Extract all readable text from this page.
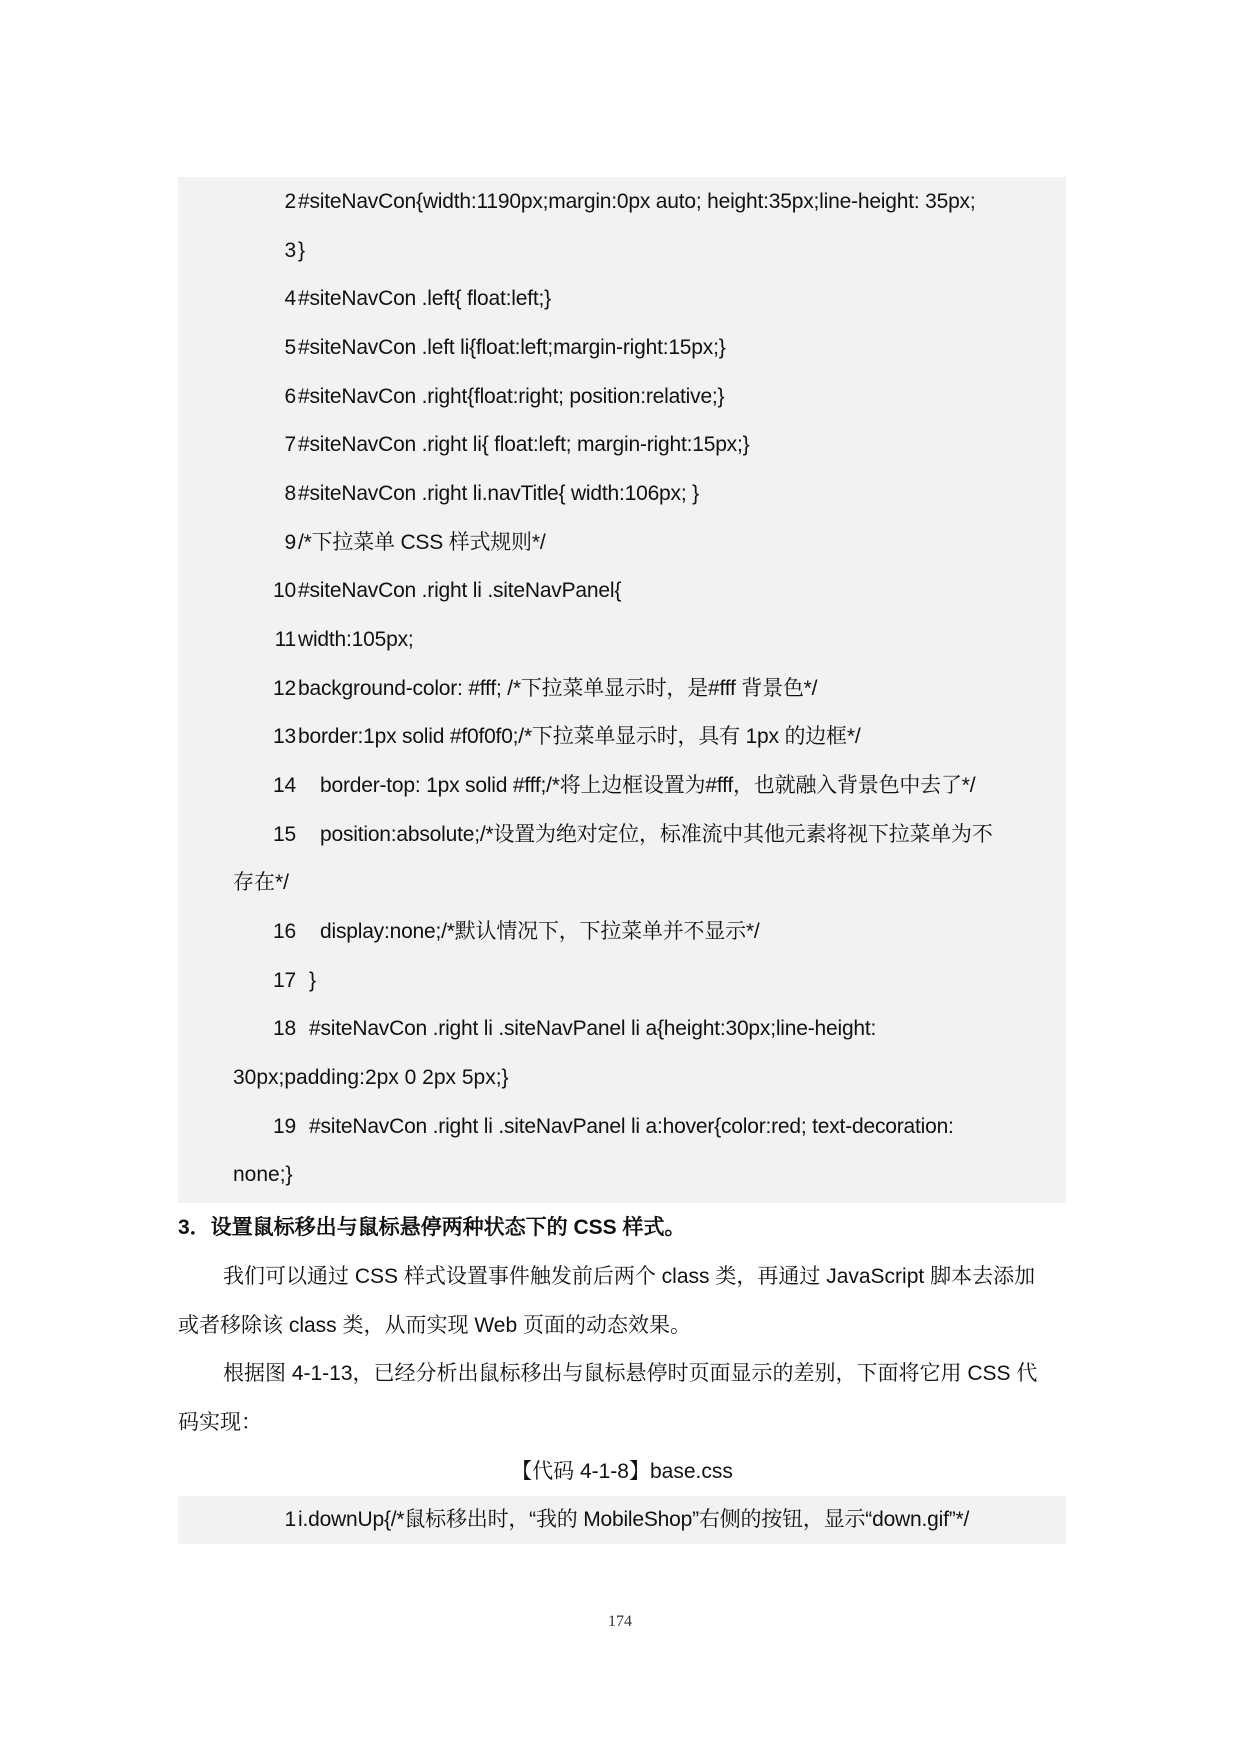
2 #siteNavCon{width:1190px;margin:0px auto; height:35px;line-height: 35px;
3 }
4 #siteNavCon .left{ float:left;}
5 #siteNavCon .left li{float:left;margin-right:15px;}
6 #siteNavCon .right{float:right; position:relative;}
7 #siteNavCon .right li{ float:left; margin-right:15px;}
8 #siteNavCon .right li.navTitle{ width:106px; }
9 /*下拉菜单 CSS 样式规则*/
10 #siteNavCon .right li .siteNavPanel{
11 width:105px;
12 background-color: #fff; /*下拉菜单显示时，是#fff 背景色*/
13 border:1px solid #f0f0f0;/*下拉菜单显示时，具有 1px 的边框*/
14 border-top: 1px solid #fff;/*将上边框设置为#fff，也就融入背景色中去了*/
15 position:absolute;/*设置为绝对定位，标准流中其他元素将视下拉菜单为不
存在*/
16 display:none;/*默认情况下，下拉菜单并不显示*/
17 }
18 #siteNavCon .right li .siteNavPanel li a{height:30px;line-height:
30px;padding:2px 0 2px 5px;}
19 #siteNavCon .right li .siteNavPanel li a:hover{color:red; text-decoration:
none;}
3．设置鼠标移出与鼠标悬停两种状态下的 CSS 样式。
我们可以通过 CSS 样式设置事件触发前后两个 class 类，再通过 JavaScript 脚本去添加
或者移除该 class 类，从而实现 Web 页面的动态效果。
根据图 4-1-13，已经分析出鼠标移出与鼠标悬停时页面显示的差别，下面将它用 CSS 代
码实现：
【代码 4-1-8】base.css
1 i.downUp{/*鼠标移出时，“我的 MobileShop”右侧的按钮，显示“down.gif”*/
174
